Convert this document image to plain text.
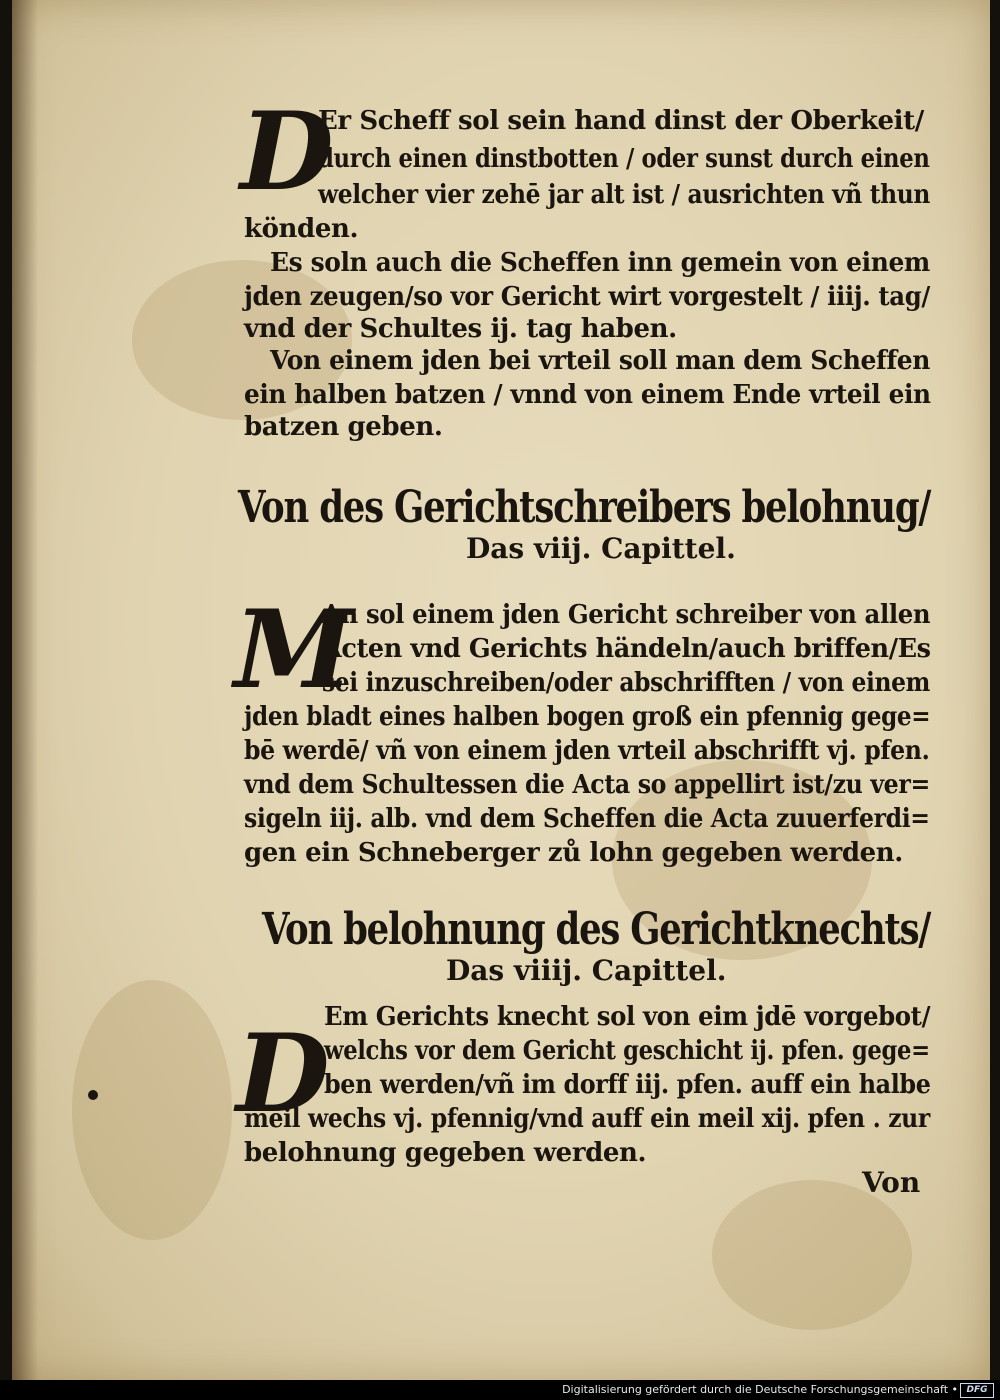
D

Er Scheff sol sein hand dinst der Oberkeit/

durch einen dinstbotten / oder sunst durch einen

welcher vier zehē jar alt ist / ausrichten vñ thun

könden.

Es soln auch die Scheffen inn gemein von einem

jden zeugen/so vor Gericht wirt vorgestelt / iiij. tag/

vnd der Schultes ij. tag haben.

Von einem jden bei vrteil soll man dem Scheffen

ein halben batzen / vnnd von einem Ende vrteil ein

batzen geben.

Von des Gerichtschreibers belohnug/
Das viij. Capittel.
M

An sol einem jden Gericht schreiber von allen

Acten vnd Gerichts händeln/auch briffen/Es

sei inzuschreiben/oder abschrifften / von einem

jden bladt eines halben bogen groß ein pfennig gege=

bē werdē/ vñ von einem jden vrteil abschrifft vj. pfen.

vnd dem Schultessen die Acta so appellirt ist/zu ver=

sigeln iij. alb. vnd dem Scheffen die Acta zuuerferdi=

gen ein Schneberger zů lohn gegeben werden.

Von belohnung des Gerichtknechts/
Das viiij. Capittel.
D

Em Gerichts knecht sol von eim jdē vorgebot/

welchs vor dem Gericht geschicht ij. pfen. gege=

ben werden/vñ im dorff iij. pfen. auff ein halbe

meil wechs vj. pfennig/vnd auff ein meil xij. pfen . zur

belohnung gegeben werden.

Von

Digitalisierung gefördert durch die Deutsche Forschungsgemeinschaft • DFG
